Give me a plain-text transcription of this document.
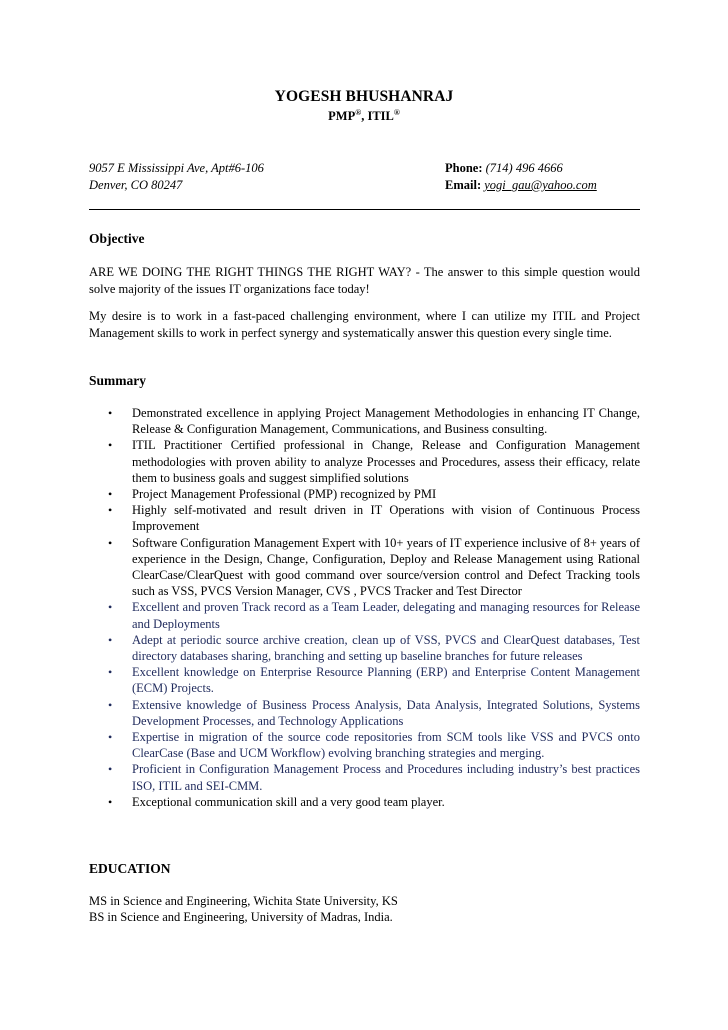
YOGESH BHUSHANRAJ
PMP®, ITIL®
9057 E Mississippi Ave, Apt#6-106
Denver, CO 80247
Phone: (714) 496 4666
Email: yogi_gau@yahoo.com
Objective
ARE WE DOING THE RIGHT THINGS THE RIGHT WAY? - The answer to this simple question would solve majority of the issues IT organizations face today!
My desire is to work in a fast-paced challenging environment, where I can utilize my ITIL and Project Management skills to work in perfect synergy and systematically answer this question every single time.
Summary
• Demonstrated excellence in applying Project Management Methodologies in enhancing IT Change, Release & Configuration Management, Communications, and Business consulting.
• ITIL Practitioner Certified professional in Change, Release and Configuration Management methodologies with proven ability to analyze Processes and Procedures, assess their efficacy, relate them to business goals and suggest simplified solutions
• Project Management Professional (PMP) recognized by PMI
• Highly self-motivated and result driven in IT Operations with vision of Continuous Process Improvement
• Software Configuration Management Expert with 10+ years of IT experience inclusive of 8+ years of experience in the Design, Change, Configuration, Deploy and Release Management using Rational ClearCase/ClearQuest with good command over source/version control and Defect Tracking tools such as VSS, PVCS Version Manager, CVS , PVCS Tracker and Test Director
• Excellent and proven Track record as a Team Leader, delegating and managing resources for Release and Deployments
• Adept at periodic source archive creation, clean up of VSS, PVCS and ClearQuest databases, Test directory databases sharing, branching and setting up baseline branches for future releases
• Excellent knowledge on Enterprise Resource Planning (ERP) and Enterprise Content Management (ECM) Projects.
• Extensive knowledge of Business Process Analysis, Data Analysis, Integrated Solutions, Systems Development Processes, and Technology Applications
• Expertise in migration of the source code repositories from SCM tools like VSS and PVCS onto ClearCase (Base and UCM Workflow) evolving branching strategies and merging.
• Proficient in Configuration Management Process and Procedures including industry’s best practices ISO, ITIL and SEI-CMM.
• Exceptional communication skill and a very good team player.
EDUCATION
MS in Science and Engineering, Wichita State University, KS
BS in Science and Engineering, University of Madras, India.
